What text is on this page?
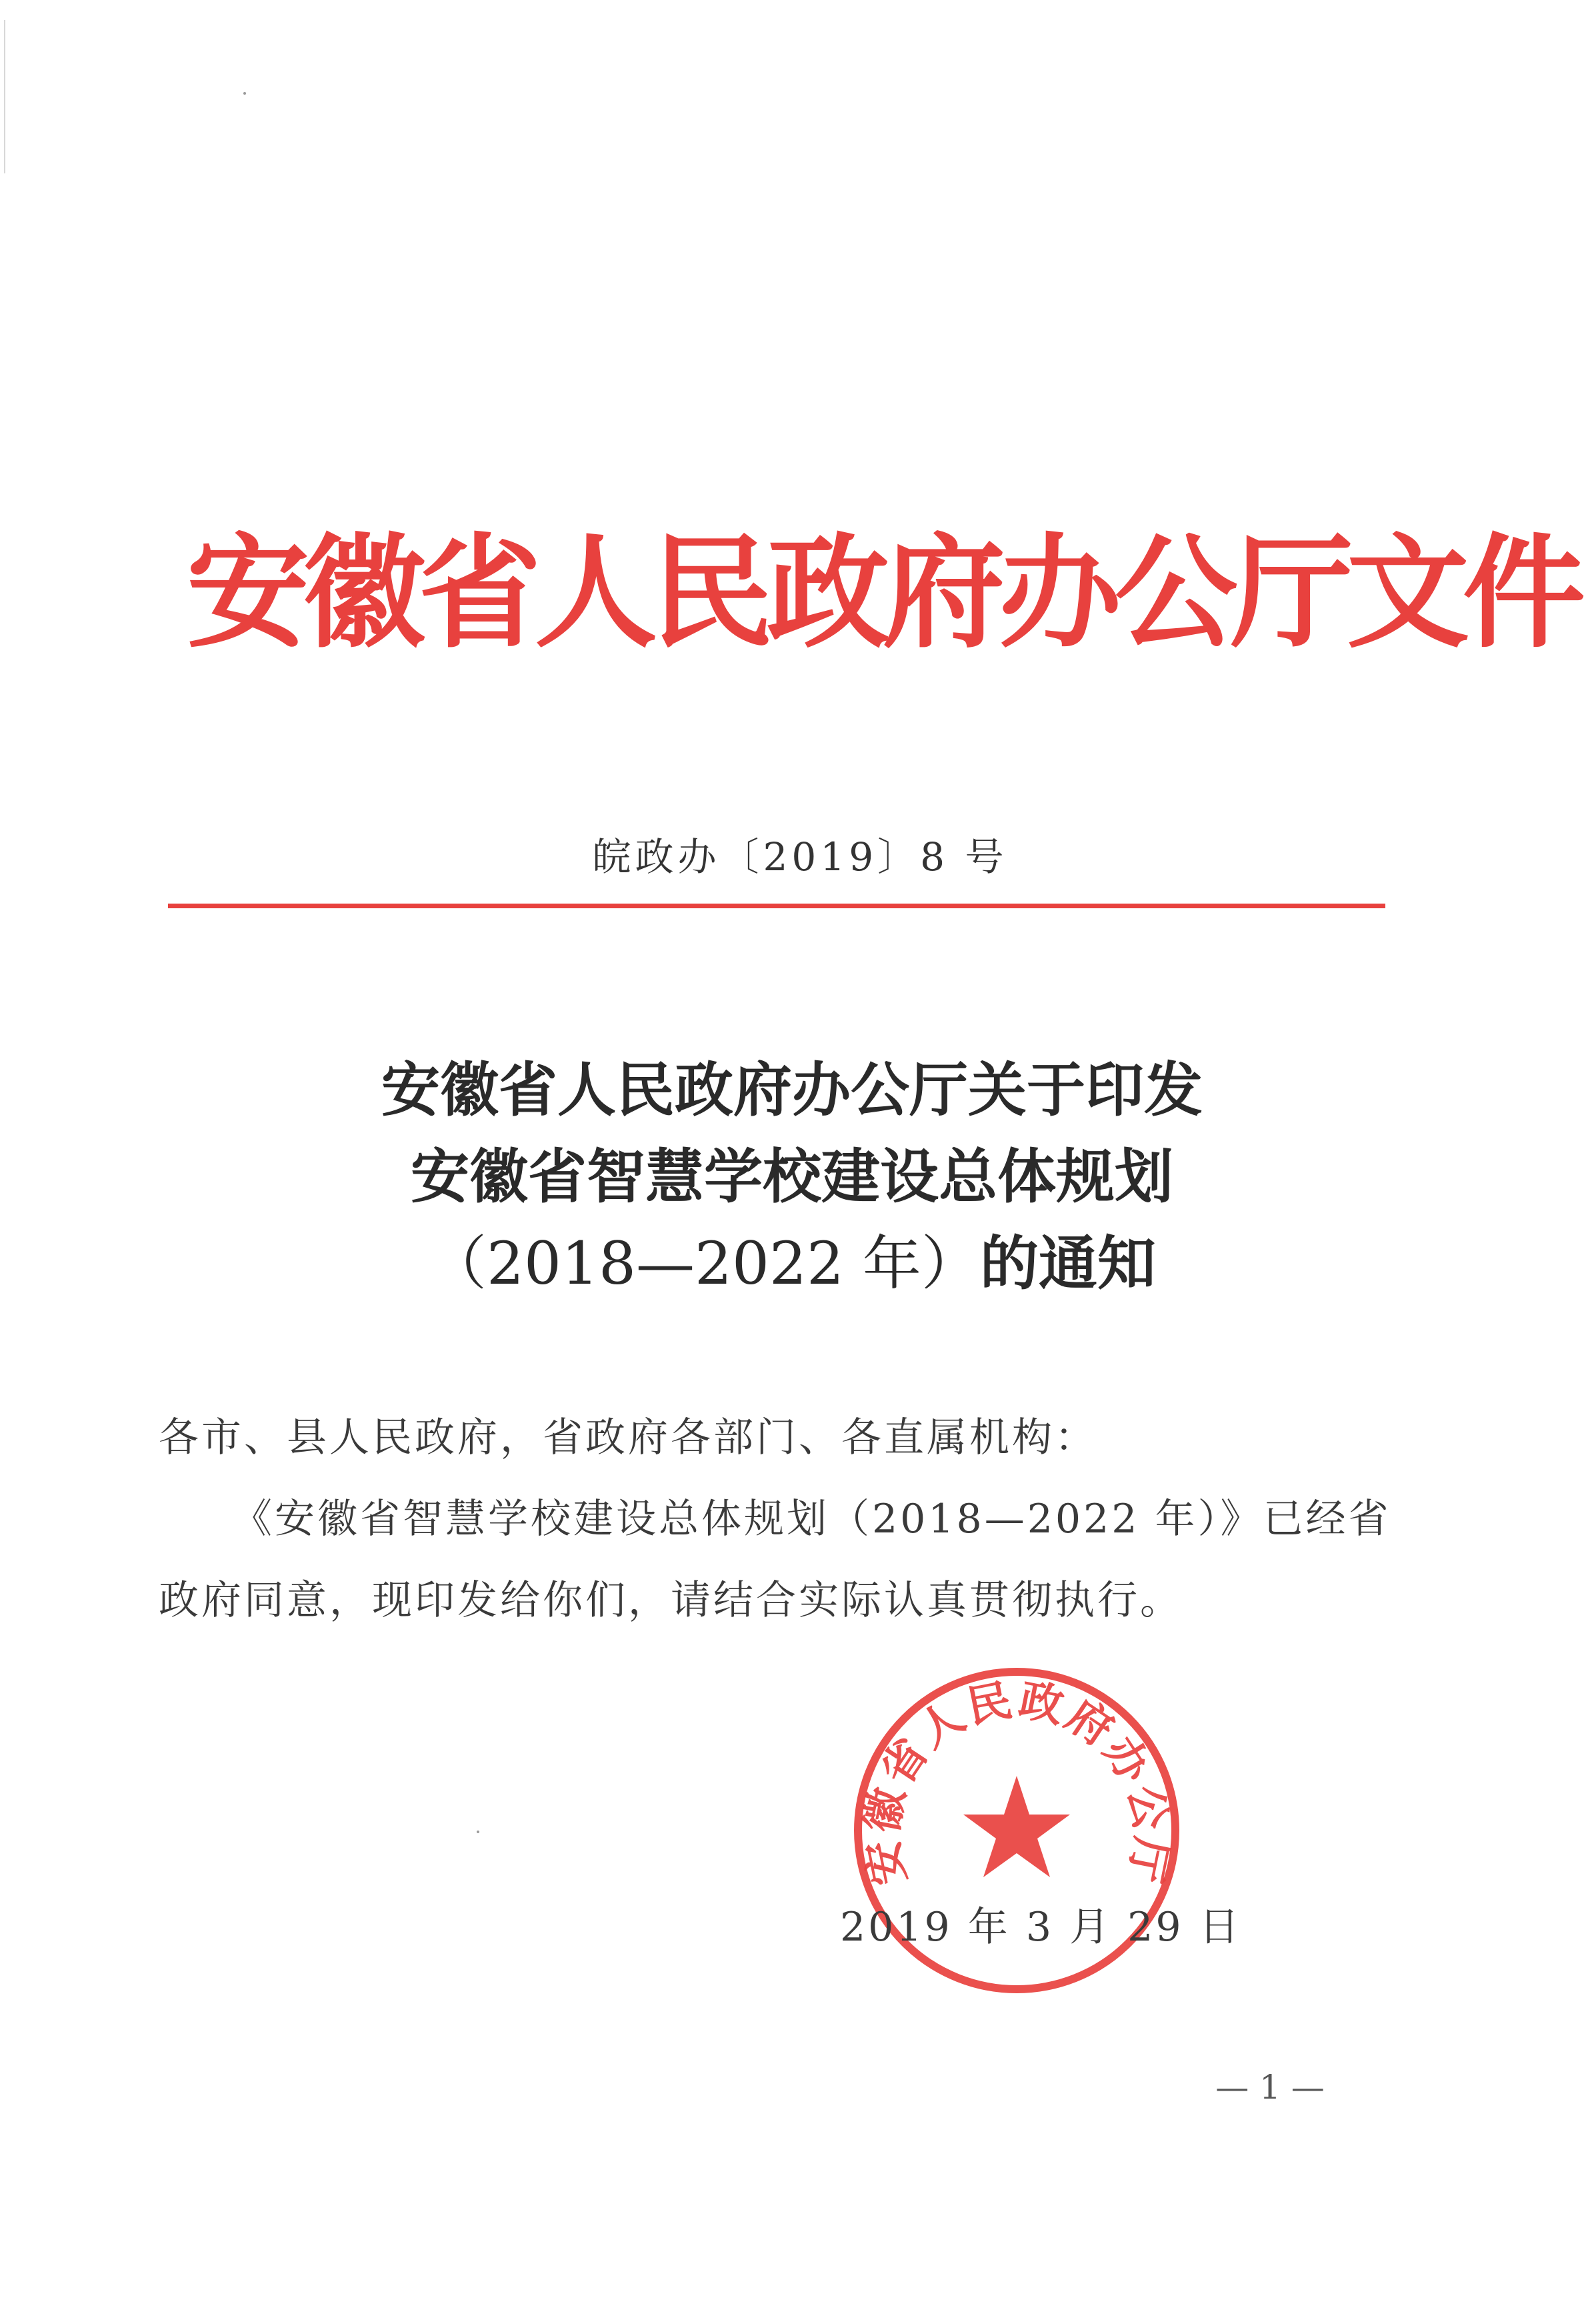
安徽省人民政府办公厅文件
皖政办〔2019〕8 号
安徽省人民政府办公厅关于印发
安徽省智慧学校建设总体规划
（2018—2022 年）的通知

各市、县人民政府，省政府各部门、各直属机构：

《安徽省智慧学校建设总体规划（2018—2022 年）》已经省

政府同意，现印发给你们，请结合实际认真贯彻执行。

安徽省人民政府办公厅
2019 年 3 月 29 日
— 1 —
